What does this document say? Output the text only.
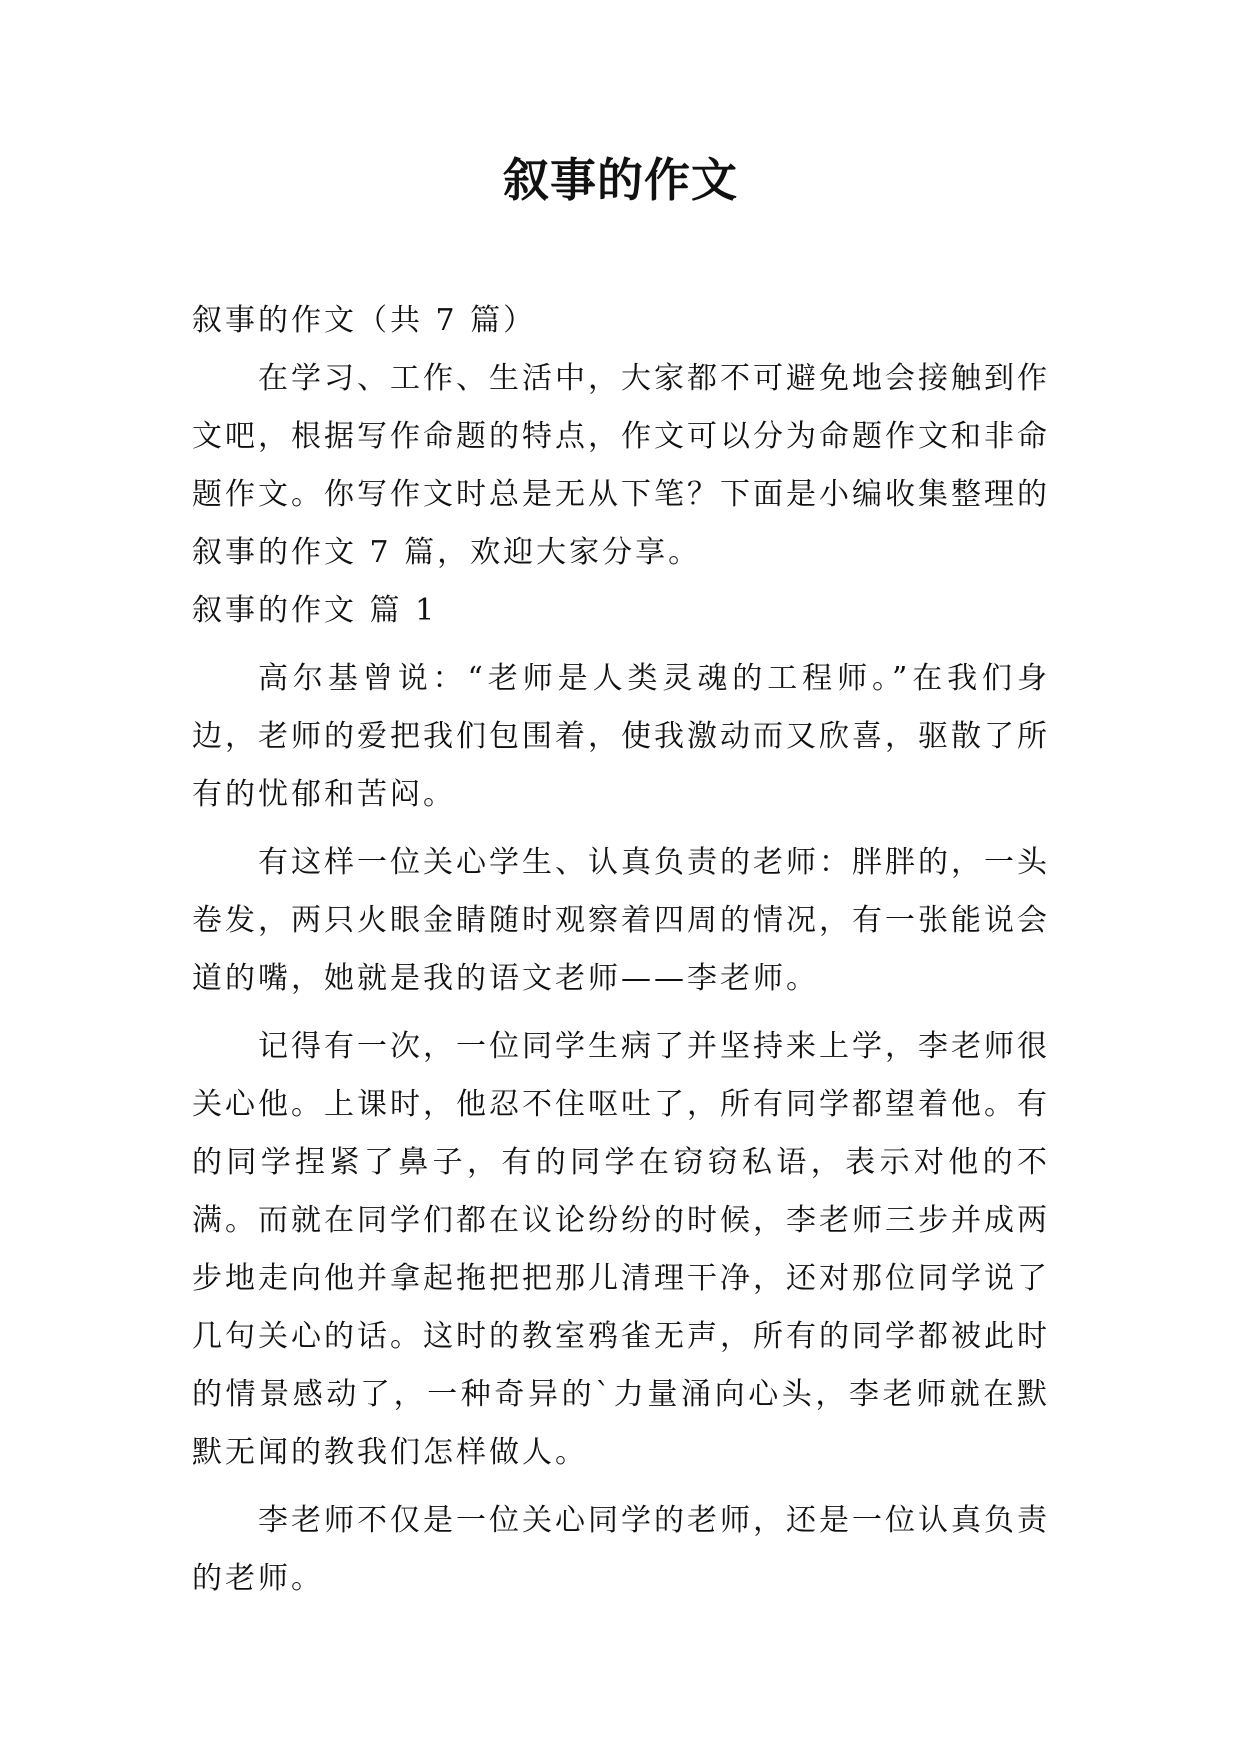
叙事的作文

叙事的作文（共 7 篇）

在学习、工作、生活中，大家都不可避免地会接触到作文吧，根据写作命题的特点，作文可以分为命题作文和非命题作文。你写作文时总是无从下笔？下面是小编收集整理的叙事的作文 7 篇，欢迎大家分享。

叙事的作文 篇 1

高尔基曾说：“老师是人类灵魂的工程师。”在我们身边，老师的爱把我们包围着，使我激动而又欣喜，驱散了所有的忧郁和苦闷。

有这样一位关心学生、认真负责的老师：胖胖的，一头卷发，两只火眼金睛随时观察着四周的情况，有一张能说会道的嘴，她就是我的语文老师——李老师。

记得有一次，一位同学生病了并坚持来上学，李老师很关心他。上课时，他忍不住呕吐了，所有同学都望着他。有的同学捏紧了鼻子，有的同学在窃窃私语，表示对他的不满。而就在同学们都在议论纷纷的时候，李老师三步并成两步地走向他并拿起拖把把那儿清理干净，还对那位同学说了几句关心的话。这时的教室鸦雀无声，所有的同学都被此时的情景感动了，一种奇异的`力量涌向心头，李老师就在默默无闻的教我们怎样做人。

李老师不仅是一位关心同学的老师，还是一位认真负责的老师。
